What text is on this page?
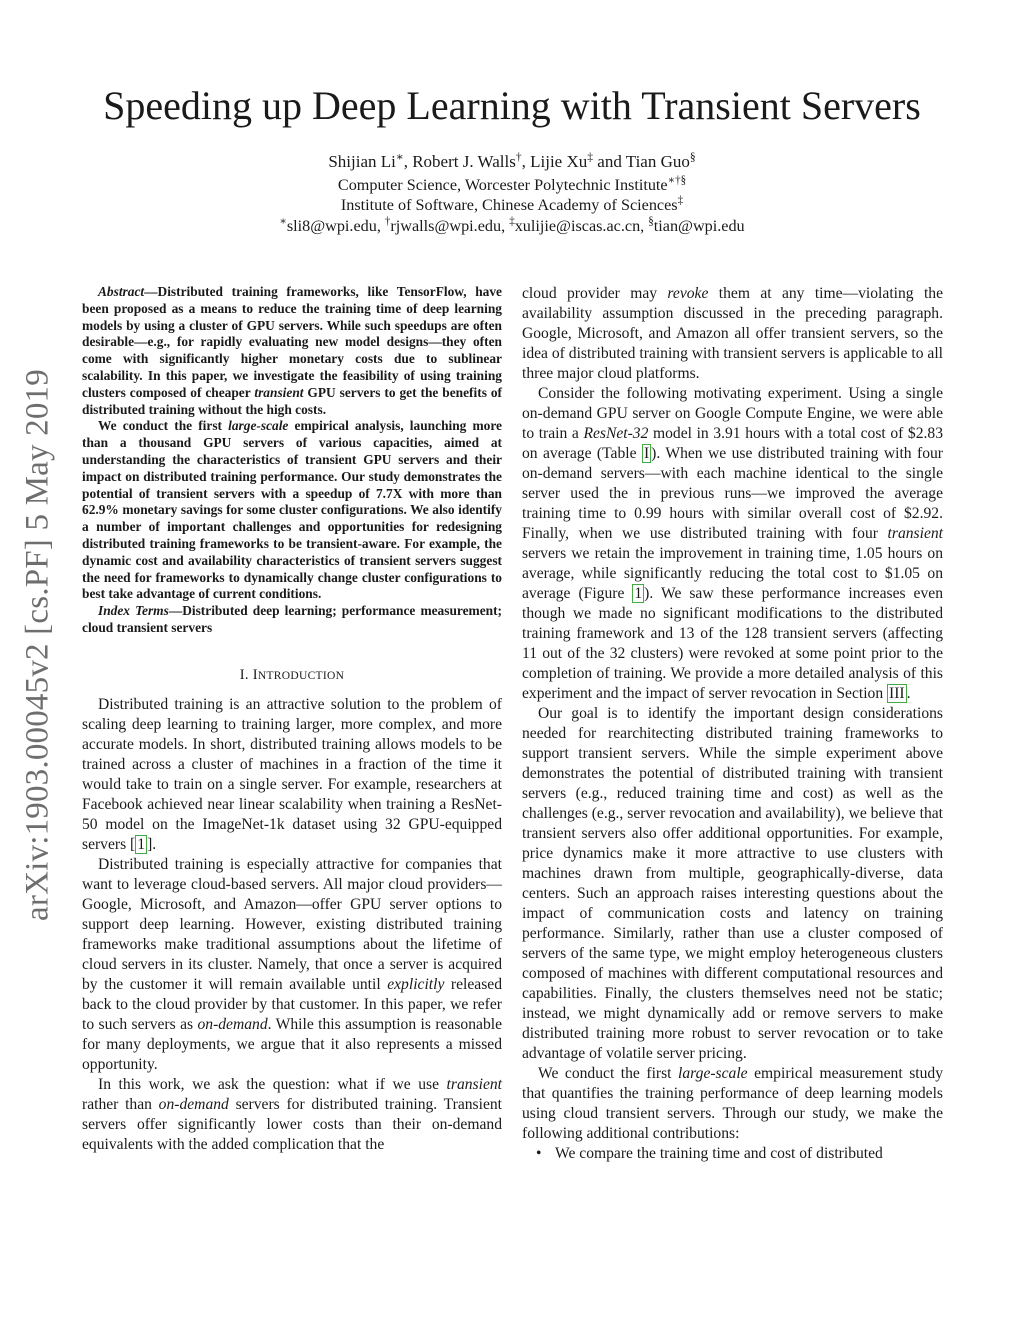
arXiv:1903.00045v2 [cs.PF] 5 May 2019
Speeding up Deep Learning with Transient Servers
Shijian Li∗, Robert J. Walls†, Lijie Xu‡ and Tian Guo§
Computer Science, Worcester Polytechnic Institute∗†§
Institute of Software, Chinese Academy of Sciences‡
∗sli8@wpi.edu, †rjwalls@wpi.edu, ‡xulijie@iscas.ac.cn, §tian@wpi.edu

Abstract—Distributed training frameworks, like TensorFlow, have been proposed as a means to reduce the training time of deep learning models by using a cluster of GPU servers. While such speedups are often desirable—e.g., for rapidly evaluating new model designs—they often come with significantly higher monetary costs due to sublinear scalability. In this paper, we investigate the feasibility of using training clusters composed of cheaper transient GPU servers to get the benefits of distributed training without the high costs.

We conduct the first large-scale empirical analysis, launching more than a thousand GPU servers of various capacities, aimed at understanding the characteristics of transient GPU servers and their impact on distributed training performance. Our study demonstrates the potential of transient servers with a speedup of 7.7X with more than 62.9% monetary savings for some cluster configurations. We also identify a number of important challenges and opportunities for redesigning distributed training frameworks to be transient-aware. For example, the dynamic cost and availability characteristics of transient servers suggest the need for frameworks to dynamically change cluster configurations to best take advantage of current conditions.

Index Terms—Distributed deep learning; performance measurement; cloud transient servers

I. INTRODUCTION

Distributed training is an attractive solution to the problem of scaling deep learning to training larger, more complex, and more accurate models. In short, distributed training allows models to be trained across a cluster of machines in a fraction of the time it would take to train on a single server. For example, researchers at Facebook achieved near linear scalability when training a ResNet-50 model on the ImageNet-1k dataset using 32 GPU-equipped servers [ 1 ].

Distributed training is especially attractive for companies that want to leverage cloud-based servers. All major cloud providers—Google, Microsoft, and Amazon—offer GPU server options to support deep learning. However, existing distributed training frameworks make traditional assumptions about the lifetime of cloud servers in its cluster. Namely, that once a server is acquired by the customer it will remain available until explicitly released back to the cloud provider by that customer. In this paper, we refer to such servers as on-demand. While this assumption is reasonable for many deployments, we argue that it also represents a missed opportunity.

In this work, we ask the question: what if we use transient rather than on-demand servers for distributed training. Transient servers offer significantly lower costs than their on-demand equivalents with the added complication that the

cloud provider may revoke them at any time—violating the availability assumption discussed in the preceding paragraph. Google, Microsoft, and Amazon all offer transient servers, so the idea of distributed training with transient servers is applicable to all three major cloud platforms.

Consider the following motivating experiment. Using a single on-demand GPU server on Google Compute Engine, we were able to train a ResNet-32 model in 3.91 hours with a total cost of $2.83 on average (Table I ). When we use distributed training with four on-demand servers—with each machine identical to the single server used the in previous runs—we improved the average training time to 0.99 hours with similar overall cost of $2.92. Finally, when we use distributed training with four transient servers we retain the improvement in training time, 1.05 hours on average, while significantly reducing the total cost to $1.05 on average (Figure 1 ). We saw these performance increases even though we made no significant modifications to the distributed training framework and 13 of the 128 transient servers (affecting 11 out of the 32 clusters) were revoked at some point prior to the completion of training. We provide a more detailed analysis of this experiment and the impact of server revocation in Section III .

Our goal is to identify the important design considerations needed for rearchitecting distributed training frameworks to support transient servers. While the simple experiment above demonstrates the potential of distributed training with transient servers (e.g., reduced training time and cost) as well as the challenges (e.g., server revocation and availability), we believe that transient servers also offer additional opportunities. For example, price dynamics make it more attractive to use clusters with machines drawn from multiple, geographically-diverse, data centers. Such an approach raises interesting questions about the impact of communication costs and latency on training performance. Similarly, rather than use a cluster composed of servers of the same type, we might employ heterogeneous clusters composed of machines with different computational resources and capabilities. Finally, the clusters themselves need not be static; instead, we might dynamically add or remove servers to make distributed training more robust to server revocation or to take advantage of volatile server pricing.

We conduct the first large-scale empirical measurement study that quantifies the training performance of deep learning models using cloud transient servers. Through our study, we make the following additional contributions:

• We compare the training time and cost of distributed
